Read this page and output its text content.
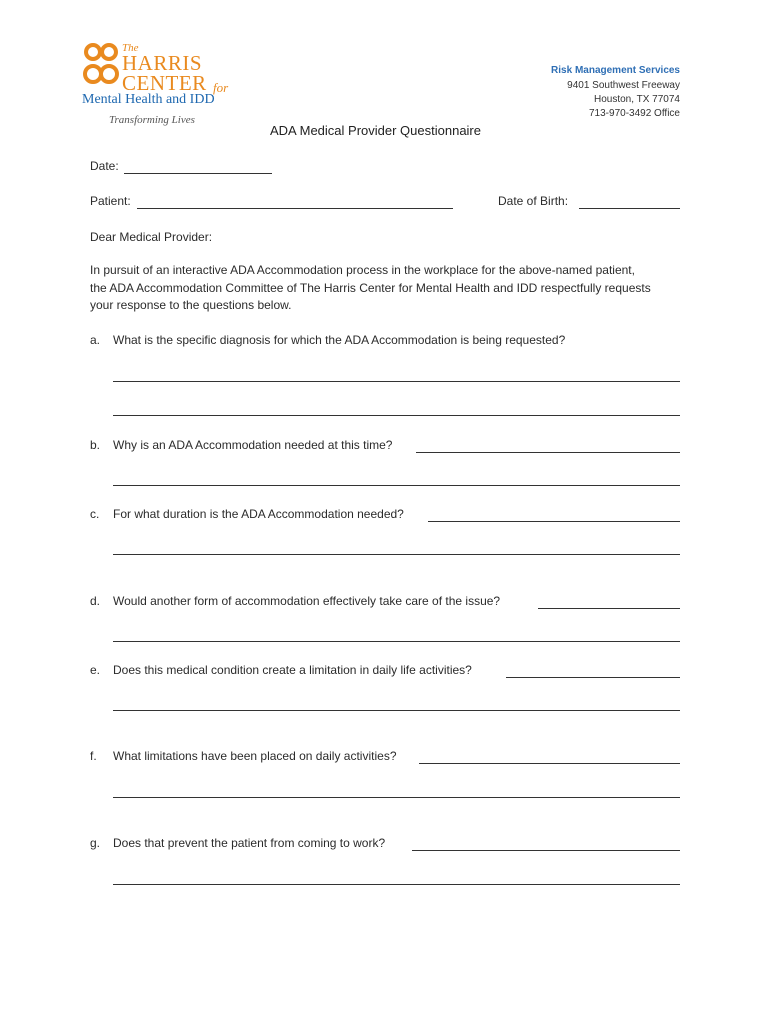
The
HARRIS
CENTER for
Mental Health and IDD
Transforming Lives
Risk Management Services
9401 Southwest Freeway
Houston, TX 77074
713-970-3492 Office
ADA Medical Provider Questionnaire
Date:
Patient:	Date of Birth:
Dear Medical Provider:
In pursuit of an interactive ADA Accommodation process in the workplace for the above-named patient,
the ADA Accommodation Committee of The Harris Center for Mental Health and IDD respectfully requests
your response to the questions below.
a. What is the specific diagnosis for which the ADA Accommodation is being requested?
b. Why is an ADA Accommodation needed at this time?
c. For what duration is the ADA Accommodation needed?
d. Would another form of accommodation effectively take care of the issue?
e. Does this medical condition create a limitation in daily life activities?
f. What limitations have been placed on daily activities?
g. Does that prevent the patient from coming to work?
